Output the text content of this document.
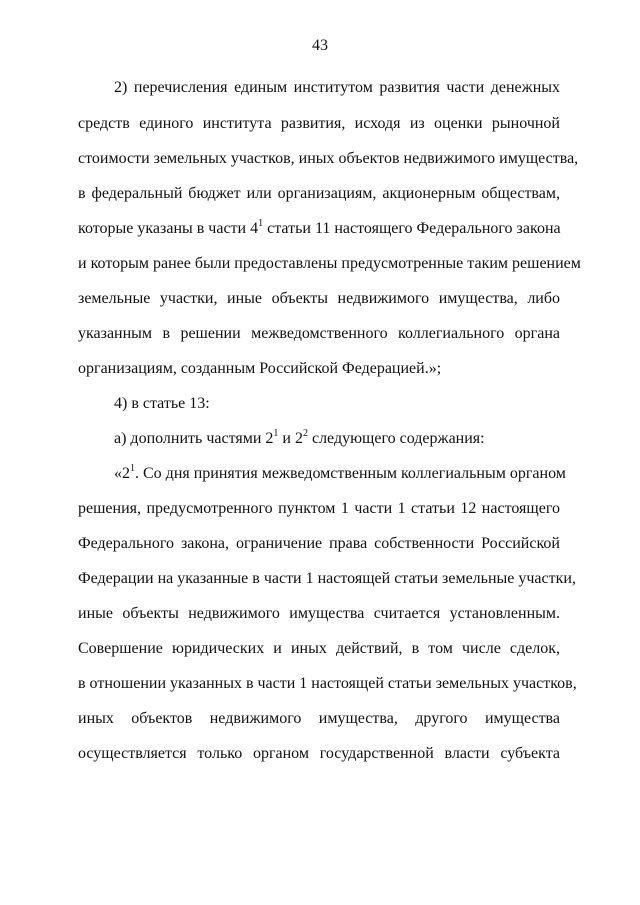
43
2) перечисления единым институтом развития части денежных
средств единого института развития, исходя из оценки рыночной
стоимости земельных участков, иных объектов недвижимого имущества,
в федеральный бюджет или организациям, акционерным обществам,
которые указаны в части $4^1$ статьи 11 настоящего Федерального закона
и которым ранее были предоставлены предусмотренные таким решением
земельные участки, иные объекты недвижимого имущества, либо
указанным в решении межведомственного коллегиального органа
организациям, созданным Российской Федерацией.»;
4) в статье 13:
а) дополнить частями $2^1$ и $2^2$ следующего содержания:
«$2^1$. Со дня принятия межведомственным коллегиальным органом
решения, предусмотренного пунктом 1 части 1 статьи 12 настоящего
Федерального закона, ограничение права собственности Российской
Федерации на указанные в части 1 настоящей статьи земельные участки,
иные объекты недвижимого имущества считается установленным.
Совершение юридических и иных действий, в том числе сделок,
в отношении указанных в части 1 настоящей статьи земельных участков,
иных объектов недвижимого имущества, другого имущества
осуществляется только органом государственной власти субъекта
